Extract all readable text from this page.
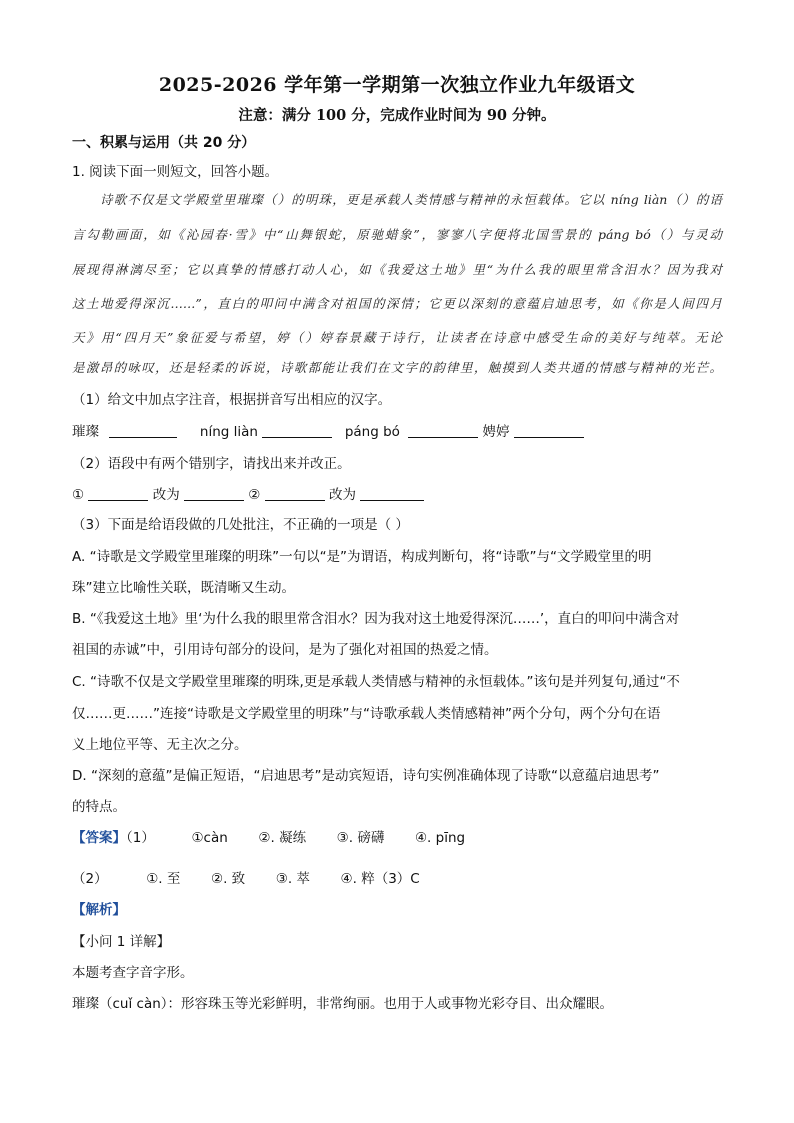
2025-2026 学年第一学期第一次独立作业九年级语文
注意：满分 100 分，完成作业时间为 90 分钟。
一、积累与运用（共 20 分）
1. 阅读下面一则短文，回答小题。
诗歌不仅是文学殿堂里璀璨（）的明珠，更是承载人类情感与精神的永恒载体。它以 níng liàn（）的语
言勾勒画面，如《沁园春·雪》中“山舞银蛇，原驰蜡象”，寥寥八字便将北国雪景的 páng bó（）与灵动
展现得淋漓尽至；它以真挚的情感打动人心，如《我爱这土地》里“为什么我的眼里常含泪水？因为我对
这土地爱得深沉……”，直白的叩问中满含对祖国的深情；它更以深刻的意蕴启迪思考，如《你是人间四月
天》用“四月天”象征爱与希望，婷（）婷春景藏于诗行，让读者在诗意中感受生命的美好与纯萃。无论
是激昂的咏叹，还是轻柔的诉说，诗歌都能让我们在文字的韵律里，触摸到人类共通的情感与精神的光芒。
（1）给文中加点字注音，根据拼音写出相应的汉字。
璀璨	níng liàn	páng bó	娉婷
（2）语段中有两个错别字，请找出来并改正。
①	改为	②	改为
（3）下面是给语段做的几处批注，不正确的一项是（ ）
A. “诗歌是文学殿堂里璀璨的明珠”一句以“是”为谓语，构成判断句，将“诗歌”与“文学殿堂里的明
珠”建立比喻性关联，既清晰又生动。
B. “《我爱这土地》里‘为什么我的眼里常含泪水？因为我对这土地爱得深沉……’，直白的叩问中满含对
祖国的赤诚”中，引用诗句部分的设问，是为了强化对祖国的热爱之情。
C. “诗歌不仅是文学殿堂里璀璨的明珠,更是承载人类情感与精神的永恒载体。”该句是并列复句,通过“不
仅……更……”连接“诗歌是文学殿堂里的明珠”与“诗歌承载人类情感精神”两个分句，两个分句在语
义上地位平等、无主次之分。
D. “深刻的意蕴”是偏正短语，“启迪思考”是动宾短语，诗句实例准确体现了诗歌“以意蕴启迪思考”
的特点。
【答案】（1）	①càn ②. 凝练 ③. 磅礴 ④. pīng
（2）	①. 至 ②. 致 ③. 萃 ④. 粹（3）C
【解析】
【小问 1 详解】
本题考查字音字形。
璀璨（cuǐ càn）：形容珠玉等光彩鲜明，非常绚丽。也用于人或事物光彩夺目、出众耀眼。
